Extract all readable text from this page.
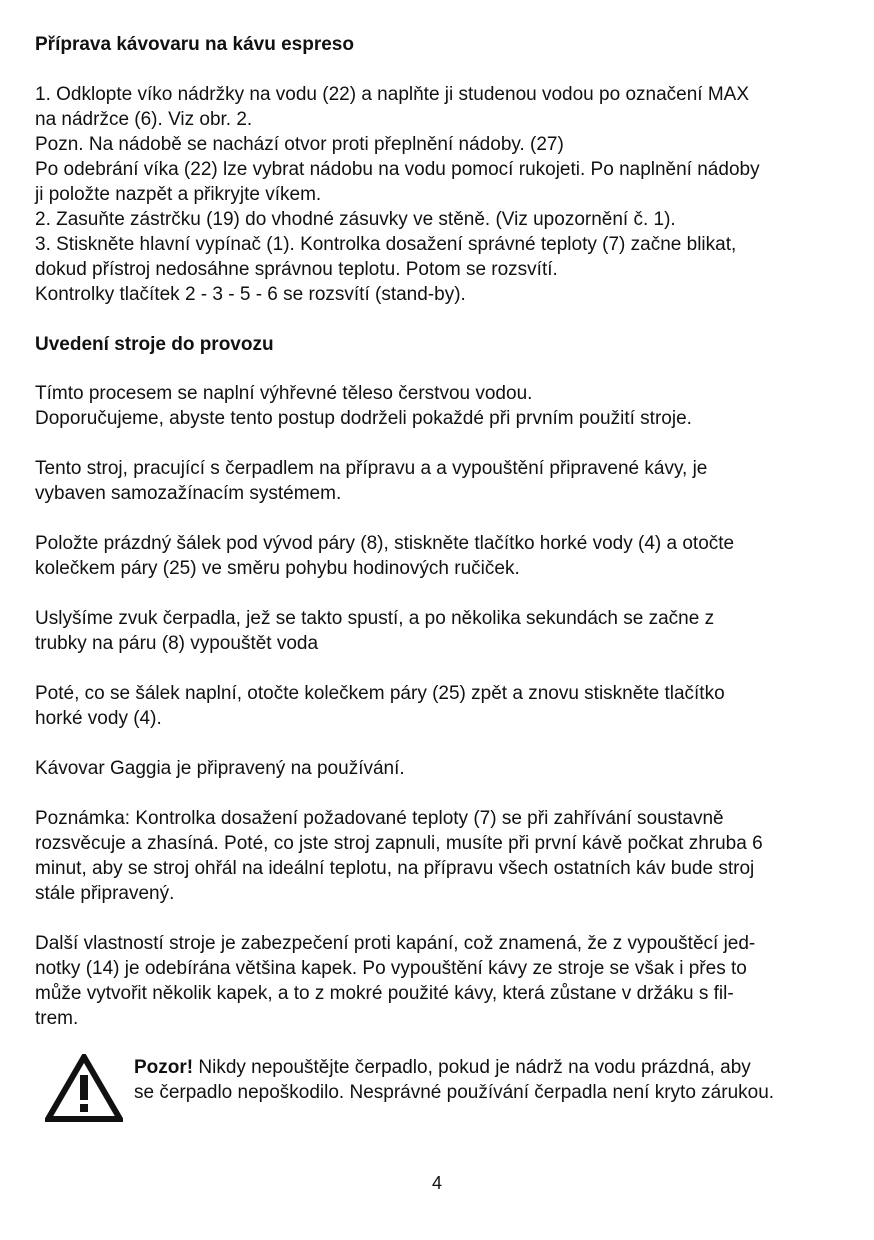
Příprava kávovaru na kávu espreso
1. Odklopte víko nádržky na vodu (22) a naplňte ji studenou vodou po označení MAX
na nádržce (6). Viz obr. 2.
Pozn. Na nádobě se nachází otvor proti přeplnění nádoby. (27)
Po odebrání víka (22) lze vybrat nádobu na vodu pomocí rukojeti. Po naplnění nádoby
ji položte nazpět a přikryjte víkem.
2. Zasuňte zástrčku (19) do vhodné zásuvky ve stěně. (Viz upozornění č. 1).
3. Stiskněte hlavní vypínač (1). Kontrolka dosažení správné teploty (7) začne blikat,
dokud přístroj nedosáhne správnou teplotu. Potom se rozsvítí.
Kontrolky tlačítek 2 - 3 - 5 - 6 se rozsvítí (stand-by).
Uvedení stroje do provozu
Tímto procesem se naplní výhřevné těleso čerstvou vodou.
Doporučujeme, abyste tento postup dodrželi pokaždé při prvním použití stroje.
Tento stroj, pracující s čerpadlem na přípravu a a vypouštění připravené kávy, je
vybaven samozažínacím systémem.
Položte prázdný šálek pod vývod páry (8), stiskněte tlačítko horké vody (4) a otočte
kolečkem páry (25) ve směru pohybu hodinových ručiček.
Uslyšíme zvuk čerpadla, jež se takto spustí, a po několika sekundách se začne z
trubky na páru (8) vypouštět voda
Poté, co se šálek naplní, otočte kolečkem páry (25) zpět a znovu stiskněte tlačítko
horké vody (4).
Kávovar Gaggia je připravený na používání.
Poznámka: Kontrolka dosažení požadované teploty (7) se při zahřívání soustavně
rozsvěcuje a zhasíná. Poté, co jste stroj zapnuli, musíte při první kávě počkat zhruba 6
minut, aby se stroj ohřál na ideální teplotu, na přípravu všech ostatních káv bude stroj
stále připravený.
Další vlastností stroje je zabezpečení proti kapání, což znamená, že z vypouštěcí jed-
notky (14) je odebírána většina kapek. Po vypouštění kávy ze stroje se však i přes to
může vytvořit několik kapek, a to z mokré použité kávy, která zůstane v držáku s fil-
trem.
Pozor! Nikdy nepouštějte čerpadlo, pokud je nádrž na vodu prázdná, aby
se čerpadlo nepoškodilo. Nesprávné používání čerpadla není kryto zárukou.
4
